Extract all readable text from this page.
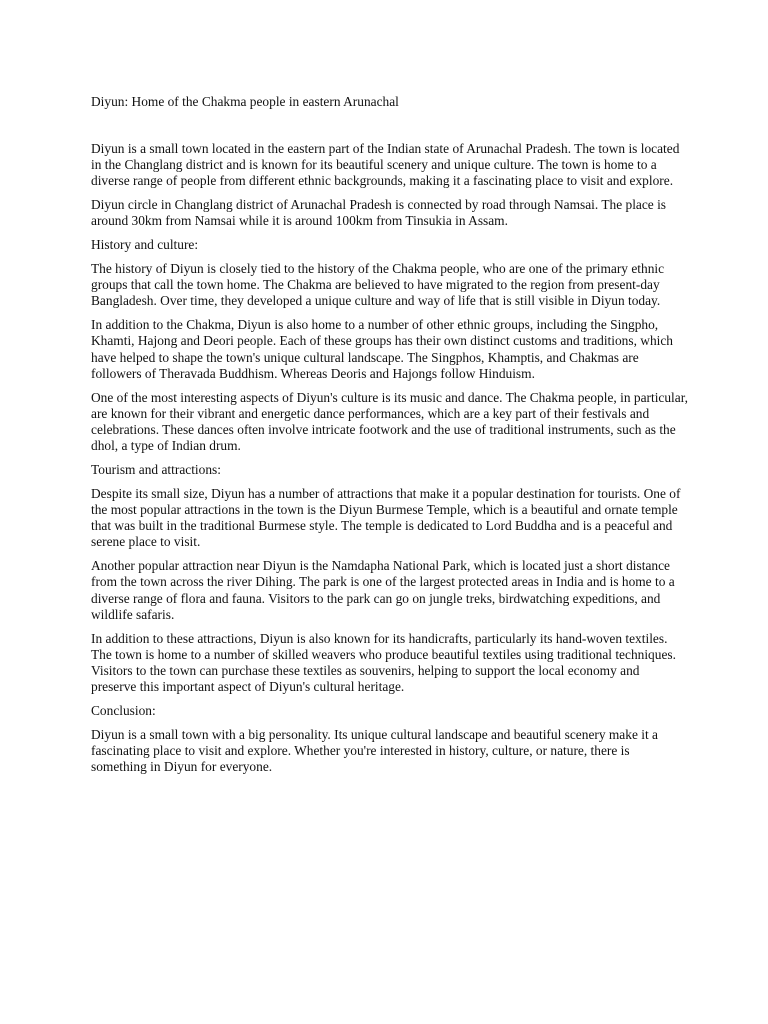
Diyun: Home of the Chakma people in eastern Arunachal

Diyun is a small town located in the eastern part of the Indian state of Arunachal Pradesh. The town is located in the Changlang district and is known for its beautiful scenery and unique culture. The town is home to a diverse range of people from different ethnic backgrounds, making it a fascinating place to visit and explore.

Diyun circle in Changlang district of Arunachal Pradesh is connected by road through Namsai. The place is around 30km from Namsai while it is around 100km from Tinsukia in Assam.

History and culture:

The history of Diyun is closely tied to the history of the Chakma people, who are one of the primary ethnic groups that call the town home. The Chakma are believed to have migrated to the region from present-day Bangladesh. Over time, they developed a unique culture and way of life that is still visible in Diyun today.

In addition to the Chakma, Diyun is also home to a number of other ethnic groups, including the Singpho, Khamti, Hajong and Deori people. Each of these groups has their own distinct customs and traditions, which have helped to shape the town's unique cultural landscape. The Singphos, Khamptis, and Chakmas are followers of Theravada Buddhism. Whereas Deoris and Hajongs follow Hinduism.

One of the most interesting aspects of Diyun's culture is its music and dance. The Chakma people, in particular, are known for their vibrant and energetic dance performances, which are a key part of their festivals and celebrations. These dances often involve intricate footwork and the use of traditional instruments, such as the dhol, a type of Indian drum.

Tourism and attractions:

Despite its small size, Diyun has a number of attractions that make it a popular destination for tourists. One of the most popular attractions in the town is the Diyun Burmese Temple, which is a beautiful and ornate temple that was built in the traditional Burmese style. The temple is dedicated to Lord Buddha and is a peaceful and serene place to visit.

Another popular attraction near Diyun is the Namdapha National Park, which is located just a short distance from the town across the river Dihing. The park is one of the largest protected areas in India and is home to a diverse range of flora and fauna. Visitors to the park can go on jungle treks, birdwatching expeditions, and wildlife safaris.

In addition to these attractions, Diyun is also known for its handicrafts, particularly its hand-woven textiles. The town is home to a number of skilled weavers who produce beautiful textiles using traditional techniques. Visitors to the town can purchase these textiles as souvenirs, helping to support the local economy and preserve this important aspect of Diyun's cultural heritage.

Conclusion:

Diyun is a small town with a big personality. Its unique cultural landscape and beautiful scenery make it a fascinating place to visit and explore. Whether you're interested in history, culture, or nature, there is something in Diyun for everyone.
